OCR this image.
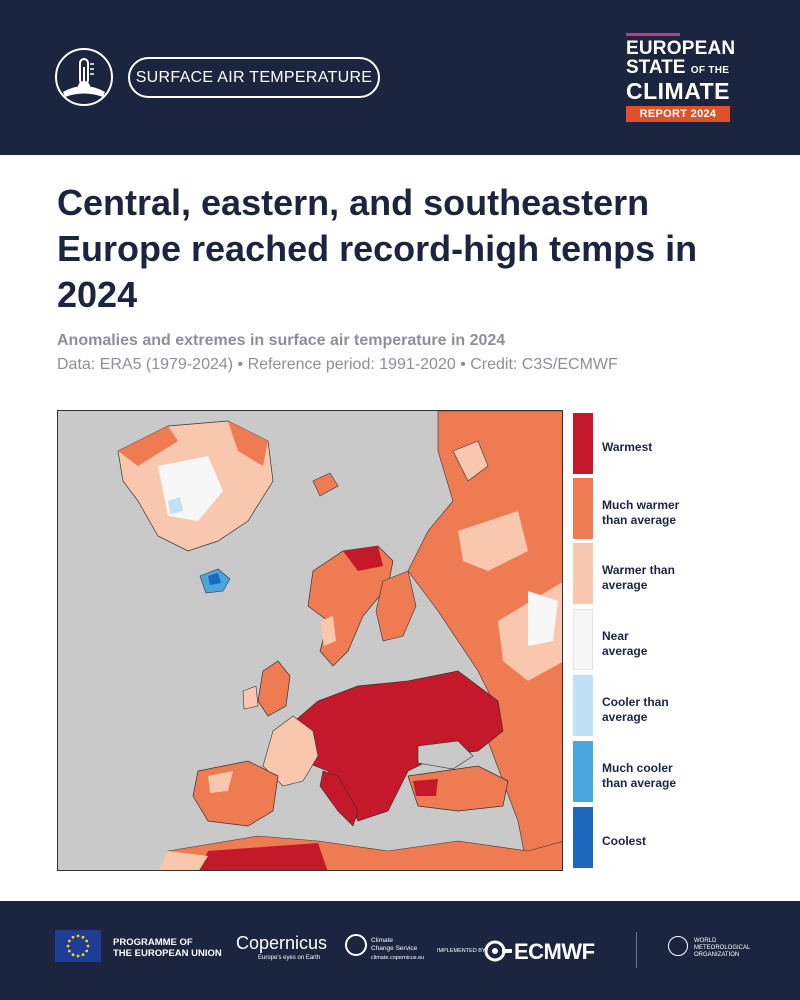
SURFACE AIR TEMPERATURE
EUROPEAN
STATE OF THE
CLIMATE
REPORT 2024
Central, eastern, and southeastern Europe reached record-high temps in 2024
Anomalies and extremes in surface air temperature in 2024
Data: ERA5 (1979-2024) • Reference period: 1991-2020 • Credit: C3S/ECMWF
Warmest
Much warmer
than average
Warmer than
average
Near
average
Cooler than
average
Much cooler
than average
Coolest
PROGRAMME OF
THE EUROPEAN UNION
Copernicus
Europe's eyes on Earth
Climate
Change Service
climate.copernicus.eu
IMPLEMENTED BY ECMWF	WORLD
METEOROLOGICAL
ORGANIZATION
